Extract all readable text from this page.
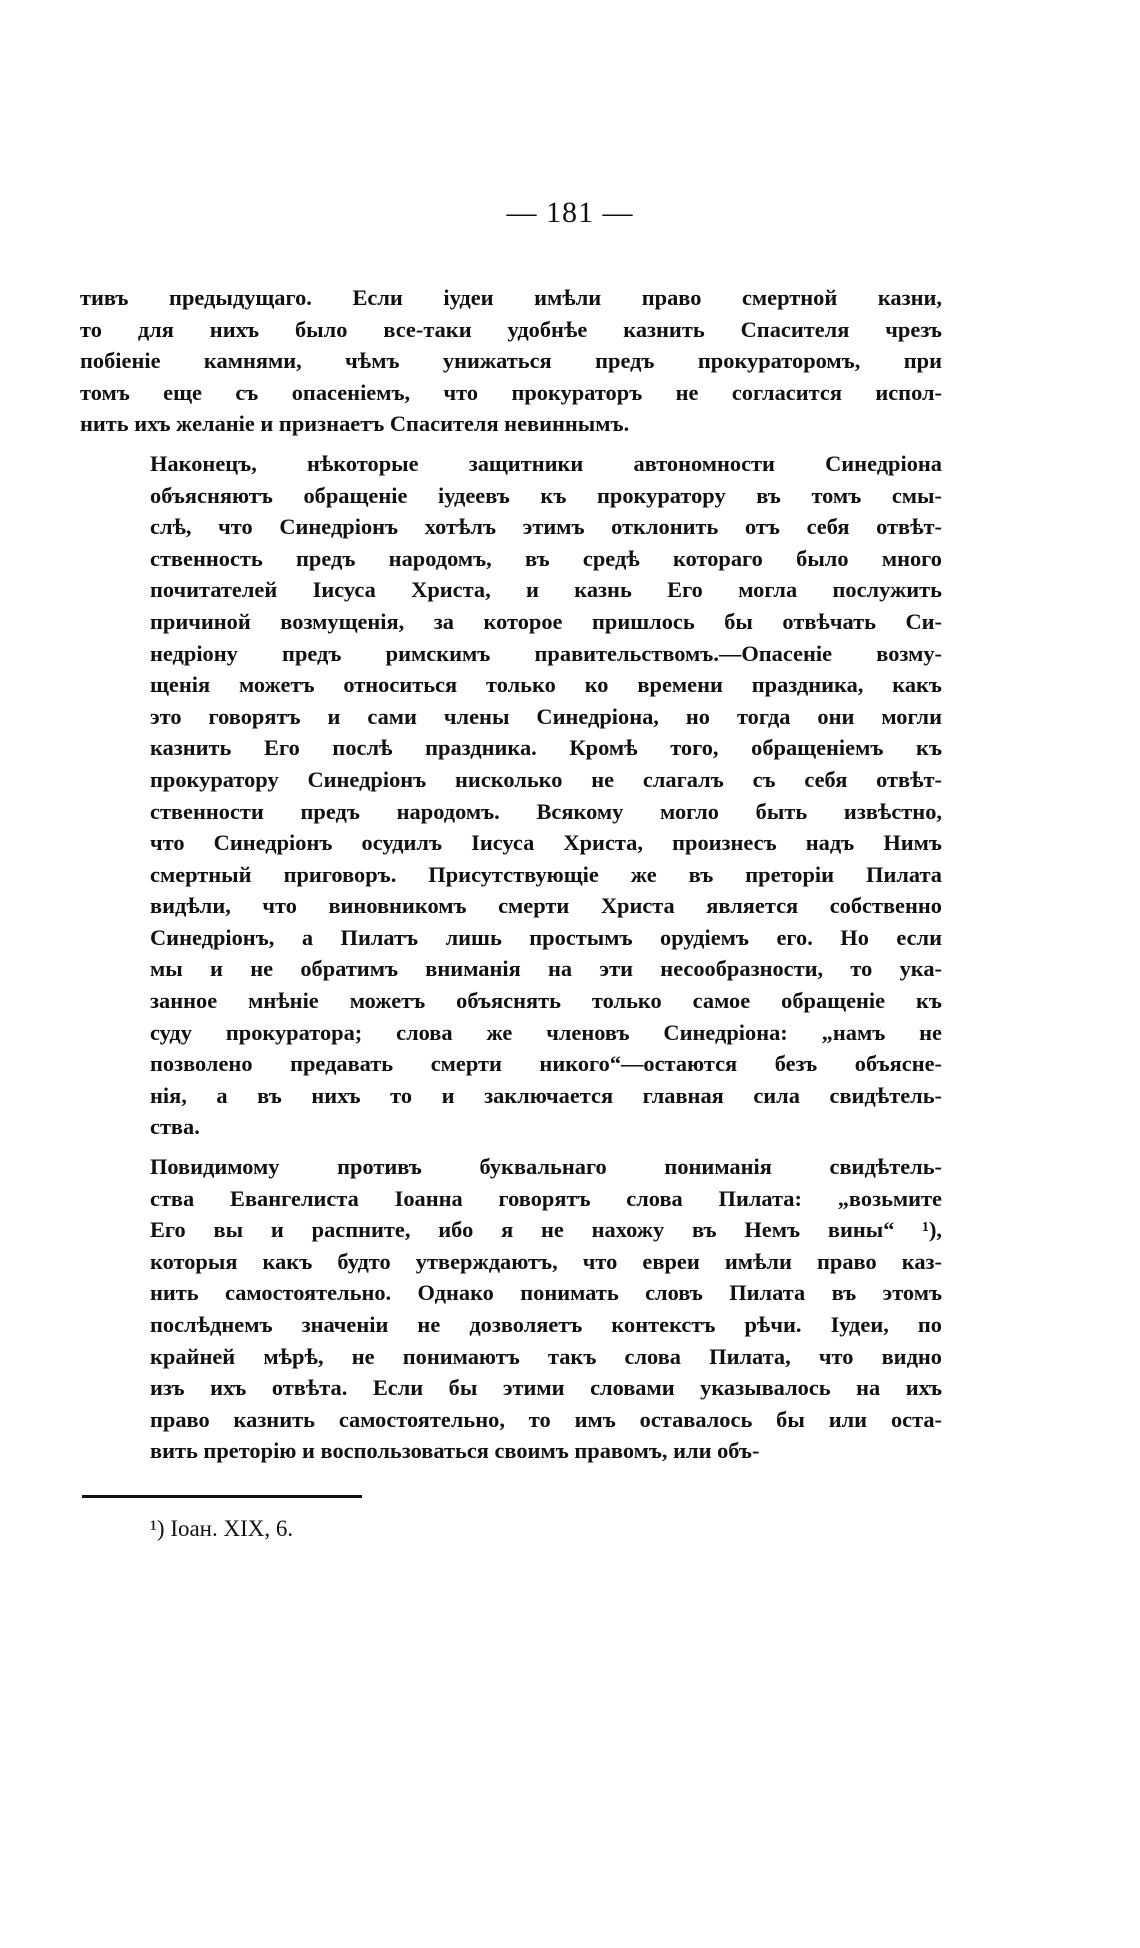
— 181 —

тивъ предыдущаго. Если іудеи имѣли право смертной казни,
то для нихъ было все-таки удобнѣе казнить Спасителя чрезъ
побіеніе камнями, чѣмъ унижаться предъ прокураторомъ, при
томъ еще съ опасеніемъ, что прокураторъ не согласится испол-
нить ихъ желаніе и признаетъ Спасителя невиннымъ.

Наконецъ, нѣкоторые защитники автономности Синедріона
объясняютъ обращеніе іудеевъ къ прокуратору въ томъ смы-
слѣ, что Синедріонъ хотѣлъ этимъ отклонить отъ себя отвѣт-
ственность предъ народомъ, въ средѣ котораго было много
почитателей Іисуса Христа, и казнь Его могла послужить
причиной возмущенія, за которое пришлось бы отвѣчать Си-
недріону предъ римскимъ правительствомъ.—Опасеніе возму-
щенія можетъ относиться только ко времени праздника, какъ
это говорятъ и сами члены Синедріона, но тогда они могли
казнить Его послѣ праздника. Кромѣ того, обращеніемъ къ
прокуратору Синедріонъ нисколько не слагалъ съ себя отвѣт-
ственности предъ народомъ. Всякому могло быть извѣстно,
что Синедріонъ осудилъ Іисуса Христа, произнесъ надъ Нимъ
смертный приговоръ. Присутствующіе же въ преторіи Пилата
видѣли, что виновникомъ смерти Христа является собственно
Синедріонъ, а Пилатъ лишь простымъ орудіемъ его. Но если
мы и не обратимъ вниманія на эти несообразности, то ука-
занное мнѣніе можетъ объяснять только самое обращеніе къ
суду прокуратора; слова же членовъ Синедріона: „намъ не
позволено предавать смерти никого“—остаются безъ объясне-
нія, а въ нихъ то и заключается главная сила свидѣтель-
ства.

Повидимому противъ буквальнаго пониманія свидѣтель-
ства Евангелиста Іоанна говорятъ слова Пилата: „возьмите
Его вы и распните, ибо я не нахожу въ Немъ вины“ ¹),
которыя какъ будто утверждаютъ, что евреи имѣли право каз-
нить самостоятельно. Однако понимать словъ Пилата въ этомъ
послѣднемъ значеніи не дозволяетъ контекстъ рѣчи. Іудеи, по
крайней мѣрѣ, не понимаютъ такъ слова Пилата, что видно
изъ ихъ отвѣта. Если бы этими словами указывалось на ихъ
право казнить самостоятельно, то имъ оставалось бы или оста-
вить преторію и воспользоваться своимъ правомъ, или объ-

¹) Іоан. XIX, 6.
